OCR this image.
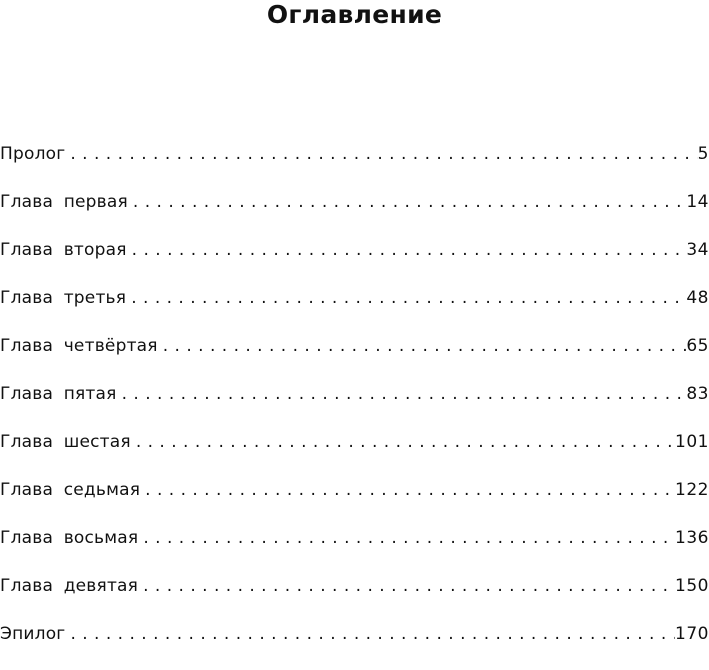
Оглавление
Пролог . . .	5
Глава первая . . .	14
Глава вторая . . .	34
Глава третья . . .	48
Глава четвёртая . . .	65
Глава пятая . . .	83
Глава шестая . . .	101
Глава седьмая . . .	122
Глава восьмая . . .	136
Глава девятая . . .	150
Эпилог . . .	170
